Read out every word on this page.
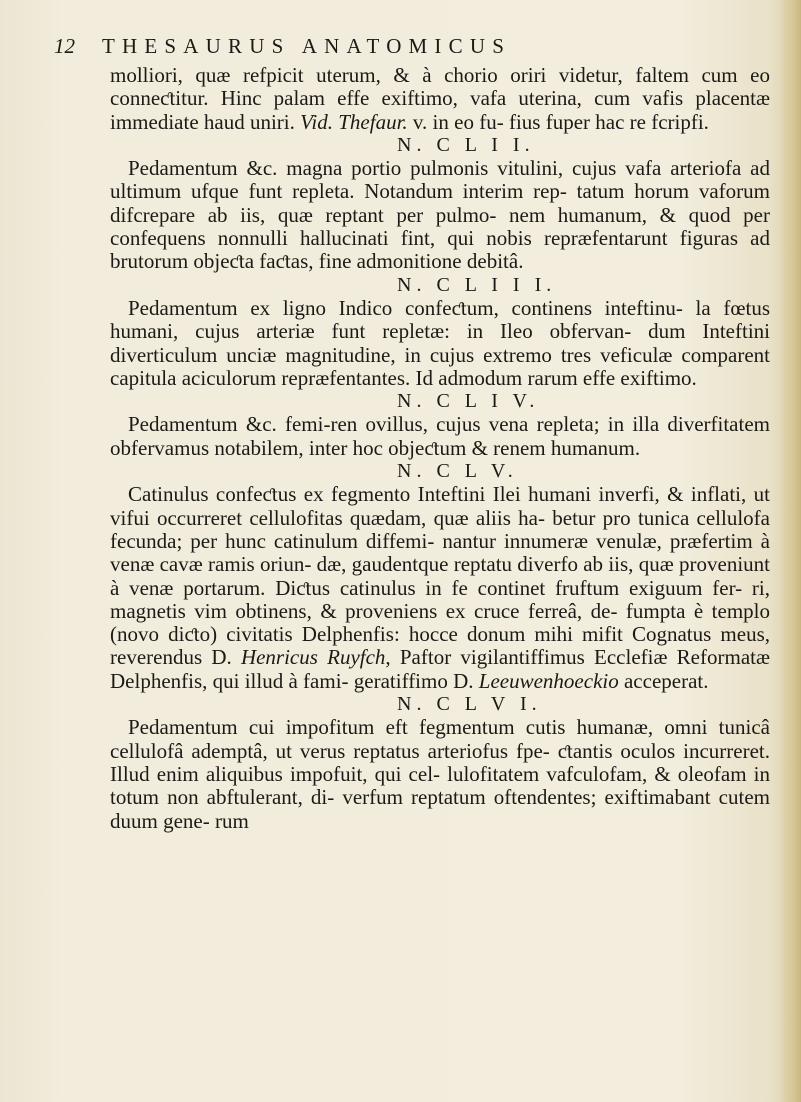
12 THESAURUS ANATOMICUS

molliori, quæ refpicit uterum, & à chorio oriri videtur, faltem cum eo conneƈtitur. Hinc palam effe exiftimo, vafa uterina, cum vafis placentæ immediate haud uniri. Vid. Thefaur. v. in eo fu- fius fuper hac re fcripfi.

N. C L I I.

Pedamentum &c. magna portio pulmonis vitulini, cujus vafa arteriofa ad ultimum ufque funt repleta. Notandum interim rep- tatum horum vaforum difcrepare ab iis, quæ reptant per pulmo- nem humanum, & quod per confequens nonnulli hallucinati fint, qui nobis repræfentarunt figuras ad brutorum objeƈta faƈtas, fine admonitione debitâ.

N. C L I I I.

Pedamentum ex ligno Indico confeƈtum, continens inteftinu- la fœtus humani, cujus arteriæ funt repletæ: in Ileo obfervan- dum Inteftini diverticulum unciæ magnitudine, in cujus extremo tres veficulæ comparent capitula aciculorum repræfentantes. Id admodum rarum effe exiftimo.

N. C L I V.

Pedamentum &c. femi-ren ovillus, cujus vena repleta; in illa diverfitatem obfervamus notabilem, inter hoc objeƈtum & renem humanum.

N. C L V.

Catinulus confeƈtus ex fegmento Inteftini Ilei humani inverfi, & inflati, ut vifui occurreret cellulofitas quædam, quæ aliis ha- betur pro tunica cellulofa fecunda; per hunc catinulum diffemi- nantur innumeræ venulæ, præfertim à venæ cavæ ramis oriun- dæ, gaudentque reptatu diverfo ab iis, quæ proveniunt à venæ portarum. Diƈtus catinulus in fe continet fruftum exiguum fer- ri, magnetis vim obtinens, & proveniens ex cruce ferreâ, de- fumpta è templo (novo diƈto) civitatis Delphenfis: hocce donum mihi mifit Cognatus meus, reverendus D. Henricus Ruyfch, Paftor vigilantiffimus Ecclefiæ Reformatæ Delphenfis, qui illud à fami- geratiffimo D. Leeuwenhoeckio acceperat.

N. C L V I.

Pedamentum cui impofitum eft fegmentum cutis humanæ, omni tunicâ cellulofâ ademptâ, ut verus reptatus arteriofus fpe- ƈtantis oculos incurreret. Illud enim aliquibus impofuit, qui cel- lulofitatem vafculofam, & oleofam in totum non abftulerant, di- verfum reptatum oftendentes; exiftimabant cutem duum gene- rum
